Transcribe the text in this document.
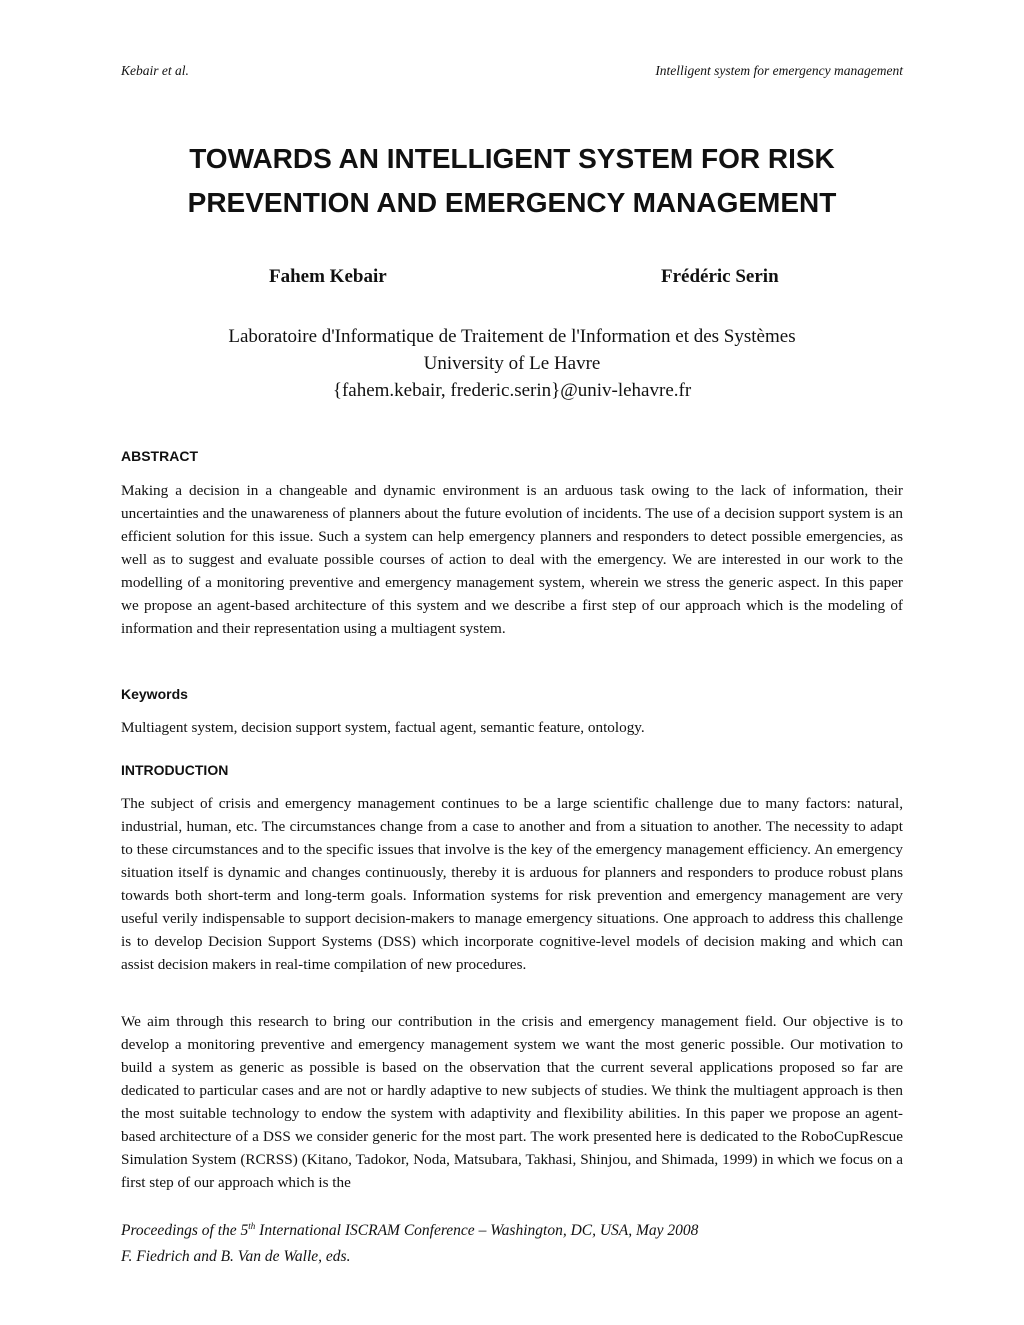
Kebair et al.	Intelligent system for emergency management
TOWARDS AN INTELLIGENT SYSTEM FOR RISK
PREVENTION AND EMERGENCY MANAGEMENT
Fahem Kebair	Frédéric Serin
Laboratoire d'Informatique de Traitement de l'Information et des Systèmes
University of Le Havre
{fahem.kebair, frederic.serin}@univ-lehavre.fr
ABSTRACT

Making a decision in a changeable and dynamic environment is an arduous task owing to the lack of information, their uncertainties and the unawareness of planners about the future evolution of incidents. The use of a decision support system is an efficient solution for this issue. Such a system can help emergency planners and responders to detect possible emergencies, as well as to suggest and evaluate possible courses of action to deal with the emergency. We are interested in our work to the modelling of a monitoring preventive and emergency management system, wherein we stress the generic aspect. In this paper we propose an agent-based architecture of this system and we describe a first step of our approach which is the modeling of information and their representation using a multiagent system.

Keywords

Multiagent system, decision support system, factual agent, semantic feature, ontology.

INTRODUCTION

The subject of crisis and emergency management continues to be a large scientific challenge due to many factors: natural, industrial, human, etc. The circumstances change from a case to another and from a situation to another. The necessity to adapt to these circumstances and to the specific issues that involve is the key of the emergency management efficiency. An emergency situation itself is dynamic and changes continuously, thereby it is arduous for planners and responders to produce robust plans towards both short-term and long-term goals. Information systems for risk prevention and emergency management are very useful verily indispensable to support decision-makers to manage emergency situations. One approach to address this challenge is to develop Decision Support Systems (DSS) which incorporate cognitive-level models of decision making and which can assist decision makers in real-time compilation of new procedures.

We aim through this research to bring our contribution in the crisis and emergency management field. Our objective is to develop a monitoring preventive and emergency management system we want the most generic possible. Our motivation to build a system as generic as possible is based on the observation that the current several applications proposed so far are dedicated to particular cases and are not or hardly adaptive to new subjects of studies. We think the multiagent approach is then the most suitable technology to endow the system with adaptivity and flexibility abilities. In this paper we propose an agent-based architecture of a DSS we consider generic for the most part. The work presented here is dedicated to the RoboCupRescue Simulation System (RCRSS) (Kitano, Tadokor, Noda, Matsubara, Takhasi, Shinjou, and Shimada, 1999) in which we focus on a first step of our approach which is the

Proceedings of the 5th International ISCRAM Conference – Washington, DC, USA, May 2008
F. Fiedrich and B. Van de Walle, eds.
